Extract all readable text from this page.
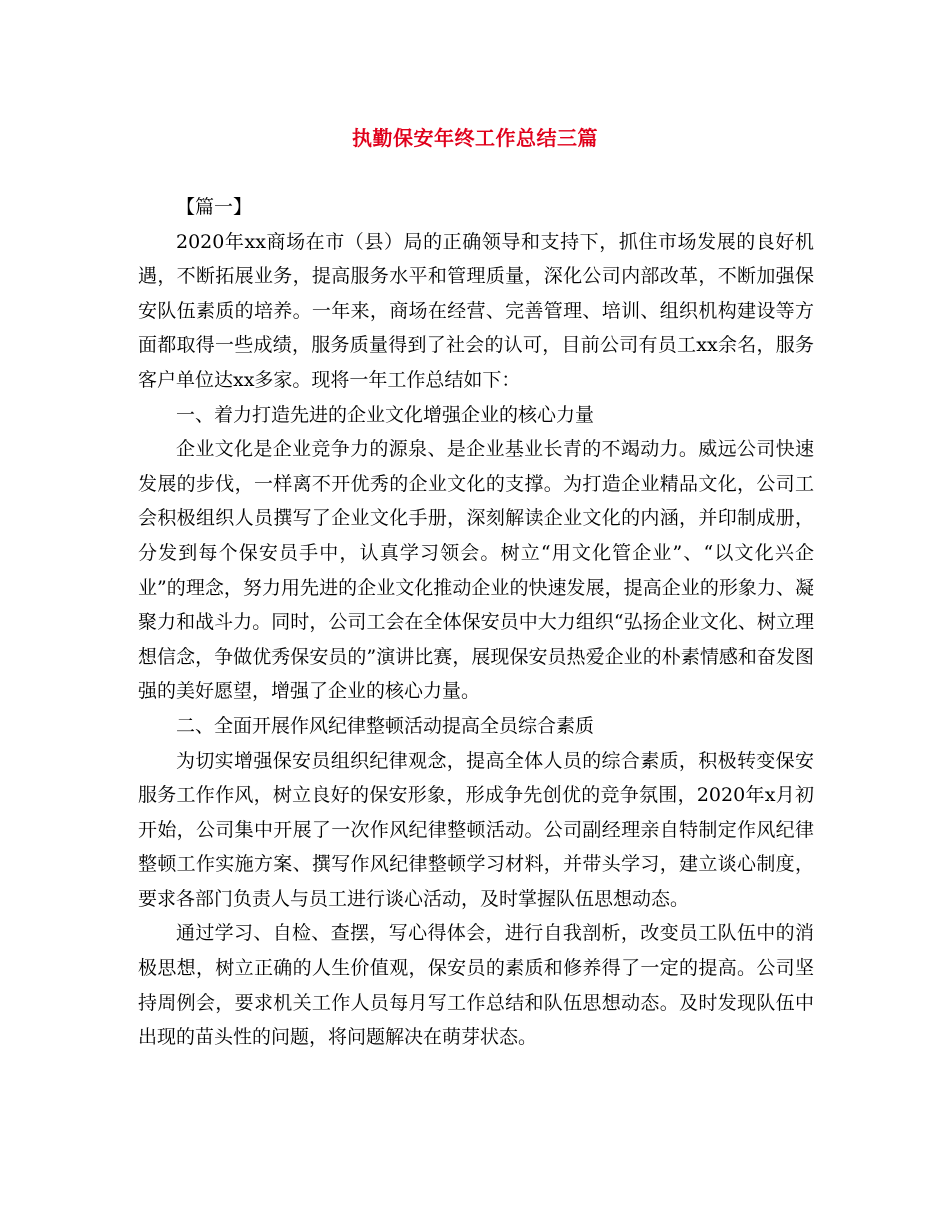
执勤保安年终工作总结三篇

【篇一】

2020年xx商场在市（县）局的正确领导和支持下，抓住市场发展的良好机遇，不断拓展业务，提高服务水平和管理质量，深化公司内部改革，不断加强保安队伍素质的培养。一年来，商场在经营、完善管理、培训、组织机构建设等方面都取得一些成绩，服务质量得到了社会的认可，目前公司有员工xx余名，服务客户单位达xx多家。现将一年工作总结如下：

一、着力打造先进的企业文化增强企业的核心力量

企业文化是企业竞争力的源泉、是企业基业长青的不竭动力。威远公司快速发展的步伐，一样离不开优秀的企业文化的支撑。为打造企业精品文化，公司工会积极组织人员撰写了企业文化手册，深刻解读企业文化的内涵，并印制成册，分发到每个保安员手中，认真学习领会。树立“用文化管企业”、“以文化兴企业”的理念，努力用先进的企业文化推动企业的快速发展，提高企业的形象力、凝聚力和战斗力。同时，公司工会在全体保安员中大力组织“弘扬企业文化、树立理想信念，争做优秀保安员的”演讲比赛，展现保安员热爱企业的朴素情感和奋发图强的美好愿望，增强了企业的核心力量。

二、全面开展作风纪律整顿活动提高全员综合素质

为切实增强保安员组织纪律观念，提高全体人员的综合素质，积极转变保安服务工作作风，树立良好的保安形象，形成争先创优的竞争氛围，2020年x月初开始，公司集中开展了一次作风纪律整顿活动。公司副经理亲自特制定作风纪律整顿工作实施方案、撰写作风纪律整顿学习材料，并带头学习，建立谈心制度，要求各部门负责人与员工进行谈心活动，及时掌握队伍思想动态。

通过学习、自检、查摆，写心得体会，进行自我剖析，改变员工队伍中的消极思想，树立正确的人生价值观，保安员的素质和修养得了一定的提高。公司坚持周例会，要求机关工作人员每月写工作总结和队伍思想动态。及时发现队伍中出现的苗头性的问题，将问题解决在萌芽状态。
